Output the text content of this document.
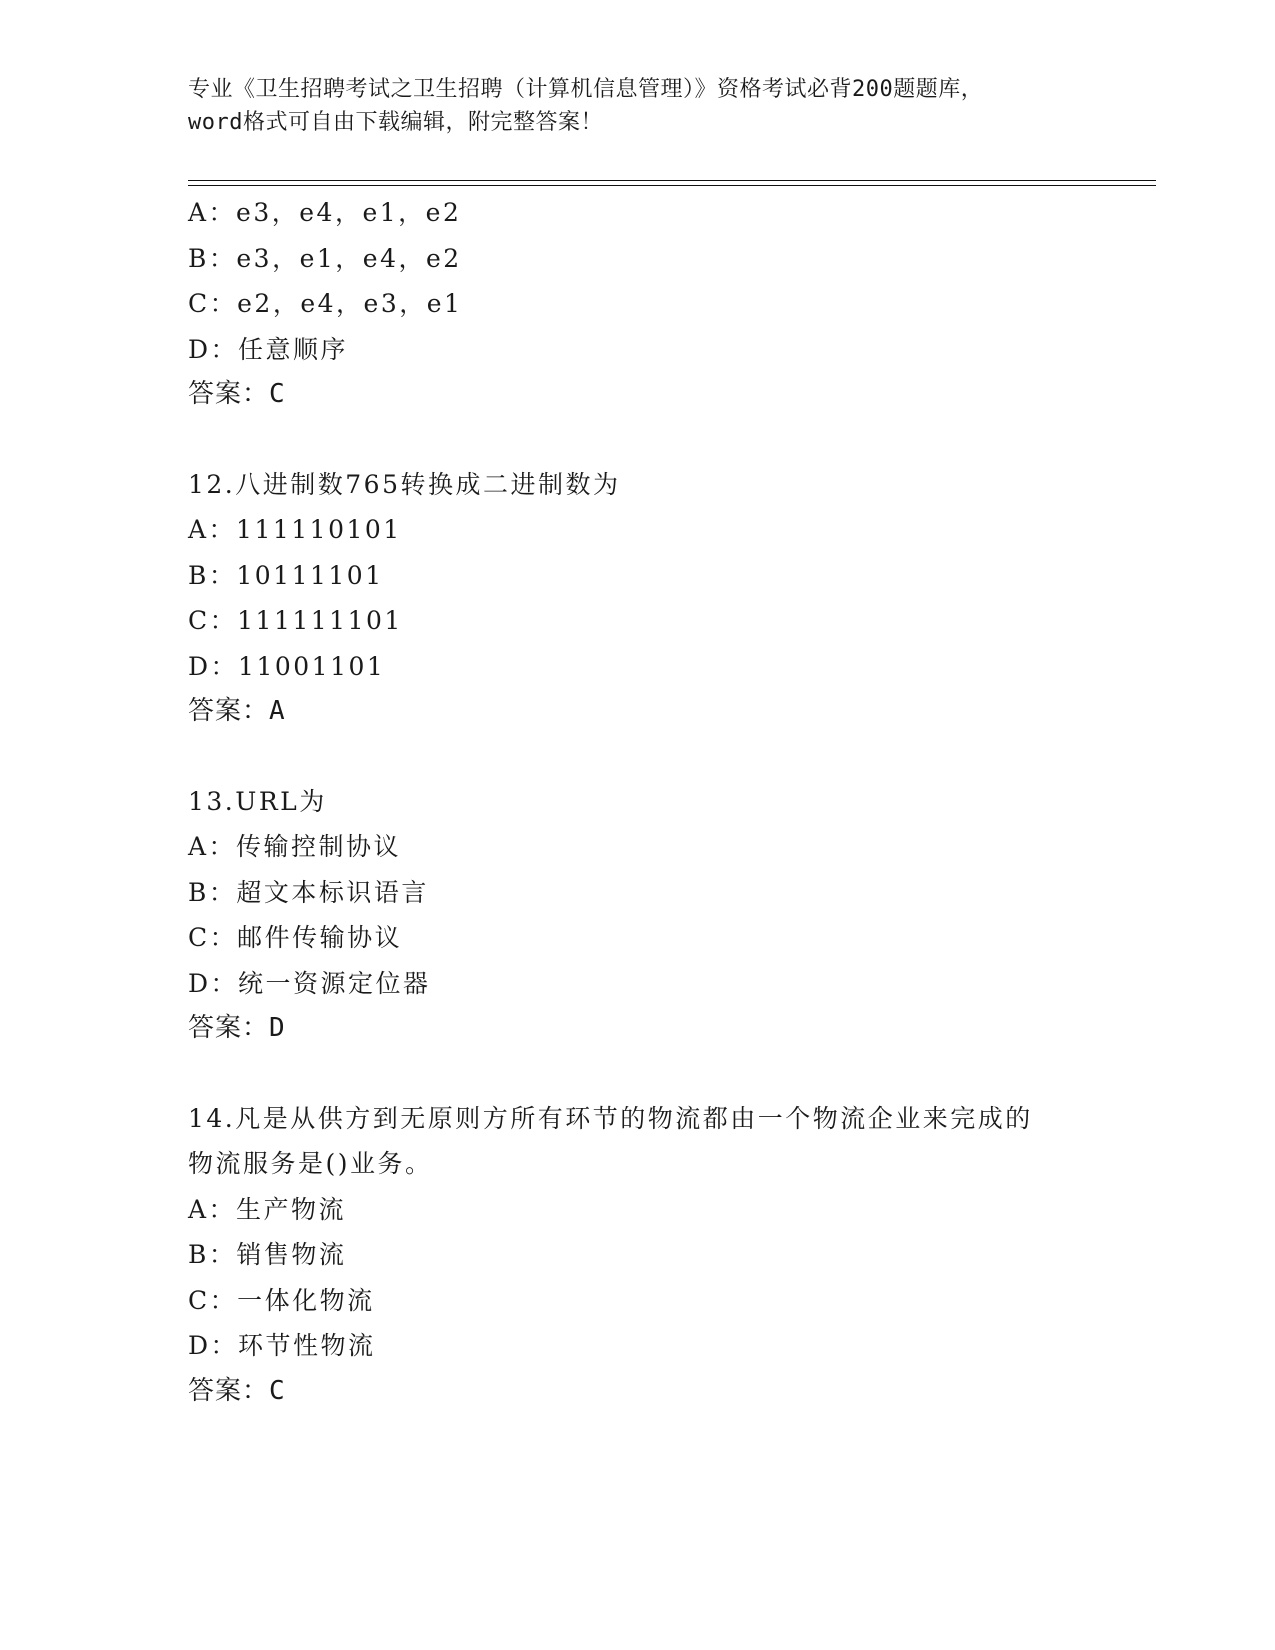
专业《卫生招聘考试之卫生招聘（计算机信息管理）》资格考试必背200题题库，
word格式可自由下载编辑，附完整答案！
A：e3，e4，e1，e2
B：e3，e1，e4，e2
C：e2，e4，e3，e1
D：任意顺序
答案：C
12.八进制数765转换成二进制数为
A：111110101
B：10111101
C：111111101
D：11001101
答案：A
13.URL为
A：传输控制协议
B：超文本标识语言
C：邮件传输协议
D：统一资源定位器
答案：D
14.凡是从供方到无原则方所有环节的物流都由一个物流企业来完成的
物流服务是()业务。
A：生产物流
B：销售物流
C：一体化物流
D：环节性物流
答案：C
